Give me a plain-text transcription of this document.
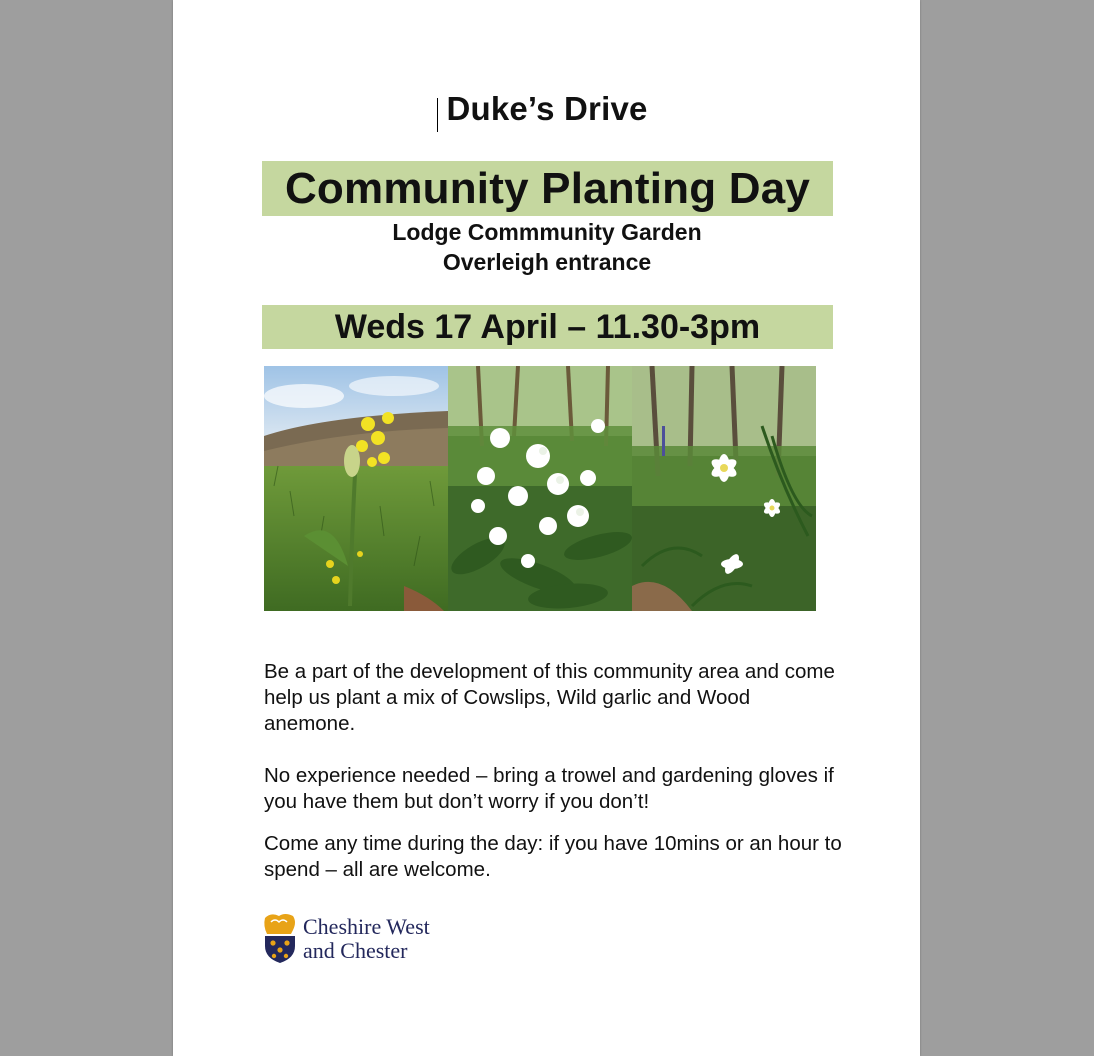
Duke’s Drive
Community Planting Day
Lodge Commmunity Garden
Overleigh entrance
Weds 17 April – 11.30-3pm
Be a part of the development of this community area and come help us plant a mix of Cowslips, Wild garlic and Wood anemone.
No experience needed – bring a trowel and gardening gloves if you have them but don’t worry if you don’t!
Come any time during the day: if you have 10mins or an hour to spend – all are welcome.
Cheshire West
and Chester
